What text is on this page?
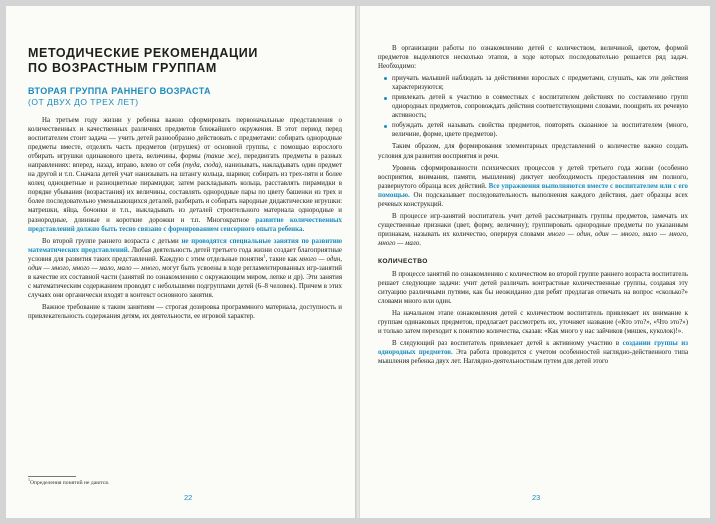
МЕТОДИЧЕСКИЕ РЕКОМЕНДАЦИИ
ПО ВОЗРАСТНЫМ ГРУППАМ
ВТОРАЯ ГРУППА РАННЕГО ВОЗРАСТА
(ОТ ДВУХ ДО ТРЕХ ЛЕТ)

На третьем году жизни у ребенка важно сформировать первоначальные представления о количественных и качественных различиях предметов ближайшего окружения. В этот период перед воспитателем стоит задача — учить детей разнообразно действовать с предметами: собирать однородные предметы вместе, отделять часть предметов (игрушек) от основной группы, с помощью взрослого отбирать игрушки одинакового цвета, величины, формы (такие же), передвигать предметы в разных направлениях: вперед, назад, вправо, влево от себя (туда, сюда), нанизывать, накладывать один предмет на другой и т.п. Сначала детей учат нанизывать на штангу кольца, шарики; собирать из трех-пяти и более колец одноцветные и разноцветные пирамидки; затем раскладывать кольца, расставлять пирамидки в порядке убывания (возрастания) их величины, составлять однородные пары по цвету башенки из трех и более последовательно уменьшающихся деталей, разбирать и собирать народные дидактические игрушки: матрешки, яйца, бочонки и т.п., выкладывать из деталей строительного материала однородные и разнородные, длинные и короткие дорожки и т.п. Многократное развитие количественных представлений должно быть тесно связано с формированием сенсорного опыта ребенка.

Во второй группе раннего возраста с детьми не проводятся специальные занятия по развитию математических представлений. Любая деятельность детей третьего года жизни создает благоприятные условия для развития таких представлений. Каждую с этим отдельные понятия$^1$, такие как много — один, один — много, много — мало, мало — много, могут быть усвоены в ходе регламентированных игр-занятий в качестве их составной части (занятий по ознакомлению с окружающим миром, лепке и др). Эти занятия с математическим содержанием проводят с небольшими подгруппами детей (6–8 человек). Причем в этих случаях они органически входят в контекст основного занятия.

Важное требование к таким занятиям — строгая дозировка программного материала, доступность и привлекательность содержания детям, их деятельности, ее игровой характер.

$^1$Определения понятий не даются.
22

В организации работы по ознакомлению детей с количеством, величиной, цветом, формой предметов выделяются несколько этапов, в ходе которых последовательно решается ряд задач. Необходимо:

приучать малышей наблюдать за действиями взрослых с предметами, слушать, как эти действия характеризуются;
привлекать детей к участию в совместных с воспитателем действиях по составлению групп однородных предметов, сопровождать действия соответствующими словами, поощрять их речевую активность;
побуждать детей называть свойства предметов, повторять сказанное за воспитателем (много, величине, форме, цвете предметов).

Таким образом, для формирования элементарных представлений о количестве важно создать условия для развития восприятия и речи.

Уровень сформированности психических процессов у детей третьего года жизни (особенно восприятия, внимания, памяти, мышления) диктует необходимость предоставления им полного, развернутого образца всех действий. Все упражнения выполняются вместе с воспитателем или с его помощью. Он подсказывает последовательность выполнения каждого действия, дает образцы всех речевых конструкций.

В процессе игр-занятий воспитатель учит детей рассматривать группы предметов, замечать их существенные признаки (цвет, форму, величину); группировать однородные предметы по указанным признакам, называть их количество, оперируя словами много — один, один — много, мало — много, много — мало.

КОЛИЧЕСТВО

В процессе занятий по ознакомлению с количеством во второй группе раннего возраста воспитатель решает следующие задачи: учит детей различать контрастные количественные группы, создавая эту ситуацию различными путями, как бы неожиданно для ребят предлагая отвечать на вопрос «сколько?» словами много или один.

На начальном этапе ознакомления детей с количеством воспитатель привлекает их внимание к группам одинаковых предметов, предлагает рассмотреть их, уточняет название («Кто это?», «Что это?») и только затем переходит к понятию количества, сказав: «Как много у нас зайчиков (мишек, куколок)!».

В следующий раз воспитатель привлекает детей к активному участию в создании группы из однородных предметов. Эта работа проводится с учетом особенностей наглядно-действенного типа мышления ребенка двух лет. Наглядно-деятельностным путем для детей этого

23
